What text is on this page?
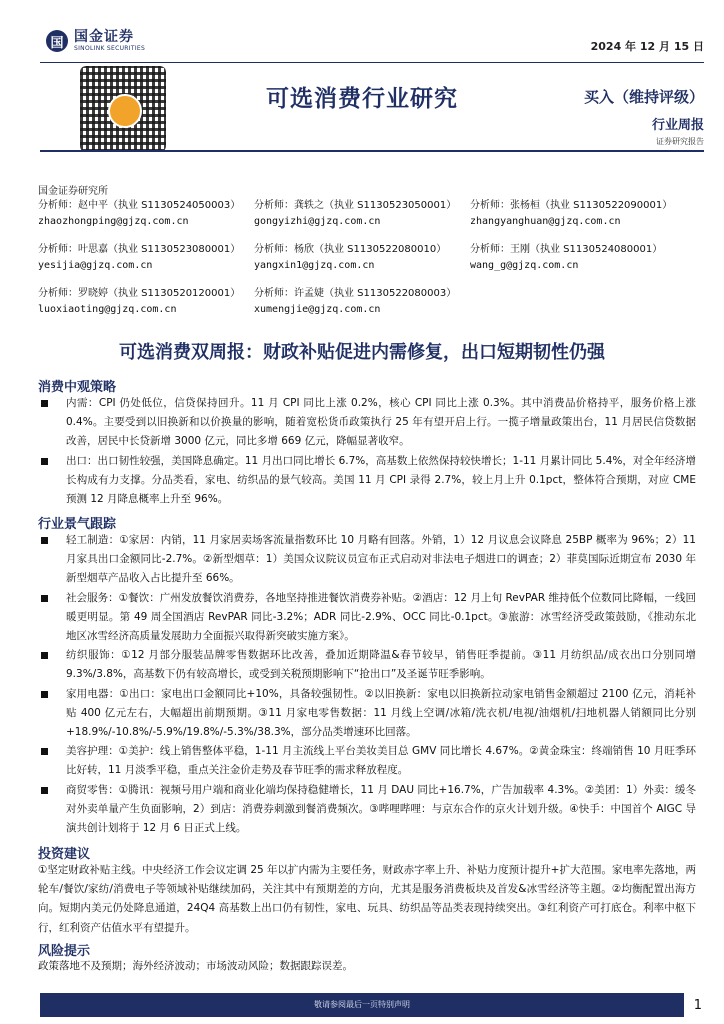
国 国金证券
SINOLINK SECURITIES	2024 年 12 月 15 日
可选消费行业研究	买入（维持评级）
行业周报
证券研究报告
国金证券研究所
分析师：赵中平（执业 S1130524050003）
zhaozhongping@gjzq.com.cn
分析师：龚轶之（执业 S1130523050001）
gongyizhi@gjzq.com.cn
分析师：张杨桓（执业 S1130522090001）
zhangyanghuan@gjzq.com.cn
分析师：叶思嘉（执业 S1130523080001）
yesijia@gjzq.com.cn
分析师：杨欣（执业 S1130522080010）
yangxin1@gjzq.com.cn
分析师：王刚（执业 S1130524080001）
wang_g@gjzq.com.cn
分析师：罗晓婷（执业 S1130520120001）
luoxiaoting@gjzq.com.cn
分析师：许孟婕（执业 S1130522080003）
xumengjie@gjzq.com.cn
可选消费双周报：财政补贴促进内需修复，出口短期韧性仍强
消费中观策略
内需：CPI 仍处低位，信贷保持回升。11 月 CPI 同比上涨 0.2%，核心 CPI 同比上涨 0.3%。其中消费品价格持平，服务价格上涨 0.4%。主要受到以旧换新和以价换量的影响，随着宽松货币政策执行 25 年有望开启上行。一揽子增量政策出台，11 月居民信贷数据改善，居民中长贷新增 3000 亿元，同比多增 669 亿元，降幅显著收窄。
出口：出口韧性较强，美国降息确定。11 月出口同比增长 6.7%，高基数上依然保持较快增长；1-11 月累计同比 5.4%，对全年经济增长构成有力支撑。分品类看，家电、纺织品的景气较高。美国 11 月 CPI 录得 2.7%，较上月上升 0.1pct，整体符合预期，对应 CME 预测 12 月降息概率上升至 96%。
行业景气跟踪
轻工制造：①家居：内销，11 月家居卖场客流量指数环比 10 月略有回落。外销，1）12 月议息会议降息 25BP 概率为 96%；2）11 月家具出口金额同比-2.7%。②新型烟草：1）美国众议院议员宣布正式启动对非法电子烟进口的调查；2）菲莫国际近期宣布 2030 年新型烟草产品收入占比提升至 66%。
社会服务：①餐饮：广州发放餐饮消费券，各地坚持推进餐饮消费券补贴。②酒店：12 月上旬 RevPAR 维持低个位数同比降幅，一线回暖更明显。第 49 周全国酒店 RevPAR 同比-3.2%；ADR 同比-2.9%、OCC 同比-0.1pct。③旅游：冰雪经济受政策鼓励，《推动东北地区冰雪经济高质量发展助力全面振兴取得新突破实施方案》。
纺织服饰：①12 月部分服装品牌零售数据环比改善，叠加近期降温&春节较早，销售旺季提前。③11 月纺织品/成衣出口分别同增 9.3%/3.8%，高基数下仍有较高增长，或受到关税预期影响下“抢出口”及圣诞节旺季影响。
家用电器：①出口：家电出口金额同比+10%，具备较强韧性。②以旧换新：家电以旧换新拉动家电销售金额超过 2100 亿元，消耗补贴 400 亿元左右，大幅超出前期预期。③11 月家电零售数据：11 月线上空调/冰箱/洗衣机/电视/油烟机/扫地机器人销额同比分别+18.9%/-10.8%/-5.9%/19.8%/-5.3%/38.3%，部分品类增速环比回落。
美容护理：①美护：线上销售整体平稳，1-11 月主流线上平台美妆美目总 GMV 同比增长 4.67%。②黄金珠宝：终端销售 10 月旺季环比好转，11 月淡季平稳，重点关注金价走势及春节旺季的需求释放程度。
商贸零售：①腾讯：视频号用户端和商业化端均保持稳健增长，11 月 DAU 同比+16.7%，广告加载率 4.3%。②美团：1）外卖：缓冬对外卖单量产生负面影响，2）到店：消费券刺激到餐消费频次。③哔哩哔哩：与京东合作的京火计划升级。④快手：中国首个 AIGC 导演共创计划将于 12 月 6 日正式上线。
投资建议
①坚定财政补贴主线。中央经济工作会议定调 25 年以扩内需为主要任务，财政赤字率上升、补贴力度预计提升+扩大范围。家电率先落地，两轮车/餐饮/家纺/消费电子等领域补贴继续加码，关注其中有预期差的方向，尤其是服务消费板块及首发&冰雪经济等主题。②均衡配置出海方向。短期内美元仍处降息通道，24Q4 高基数上出口仍有韧性，家电、玩具、纺织品等品类表现持续突出。③红利资产可打底仓。利率中枢下行，红利资产估值水平有望提升。
风险提示
政策落地不及预期；海外经济波动；市场波动风险；数据跟踪误差。
敬请参阅最后一页特别声明	1
